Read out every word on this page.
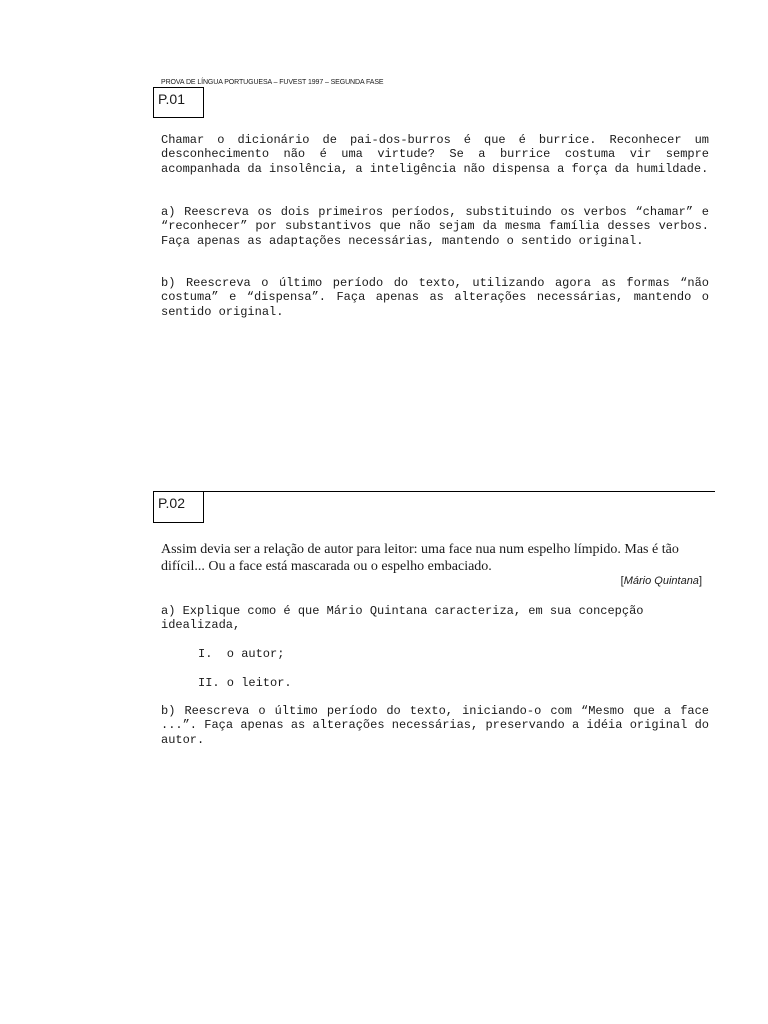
PROVA DE LÍNGUA PORTUGUESA – FUVEST 1997 – SEGUNDA FASE
P.01

Chamar o dicionário de pai-dos-burros é que é burrice. Reconhecer um desconhecimento não é uma virtude? Se a burrice costuma vir sempre acompanhada da insolência, a inteligência não dispensa a força da humildade.

a) Reescreva os dois primeiros períodos, substituindo os verbos “chamar” e “reconhecer” por substantivos que não sejam da mesma família desses verbos. Faça apenas as adaptações necessárias, mantendo o sentido original.

b) Reescreva o último período do texto, utilizando agora as formas “não costuma” e “dispensa”. Faça apenas as alterações necessárias, mantendo o sentido original.

P.02

Assim devia ser a relação de autor para leitor: uma face nua num espelho límpido. Mas é tão difícil... Ou a face está mascarada ou o espelho embaciado.

[Mário Quintana]

a) Explique como é que Mário Quintana caracteriza, em sua concepção idealizada,

I.  o autor;
II. o leitor.

b) Reescreva o último período do texto, iniciando-o com “Mesmo que a face ...”. Faça apenas as alterações necessárias, preservando a idéia original do autor.
